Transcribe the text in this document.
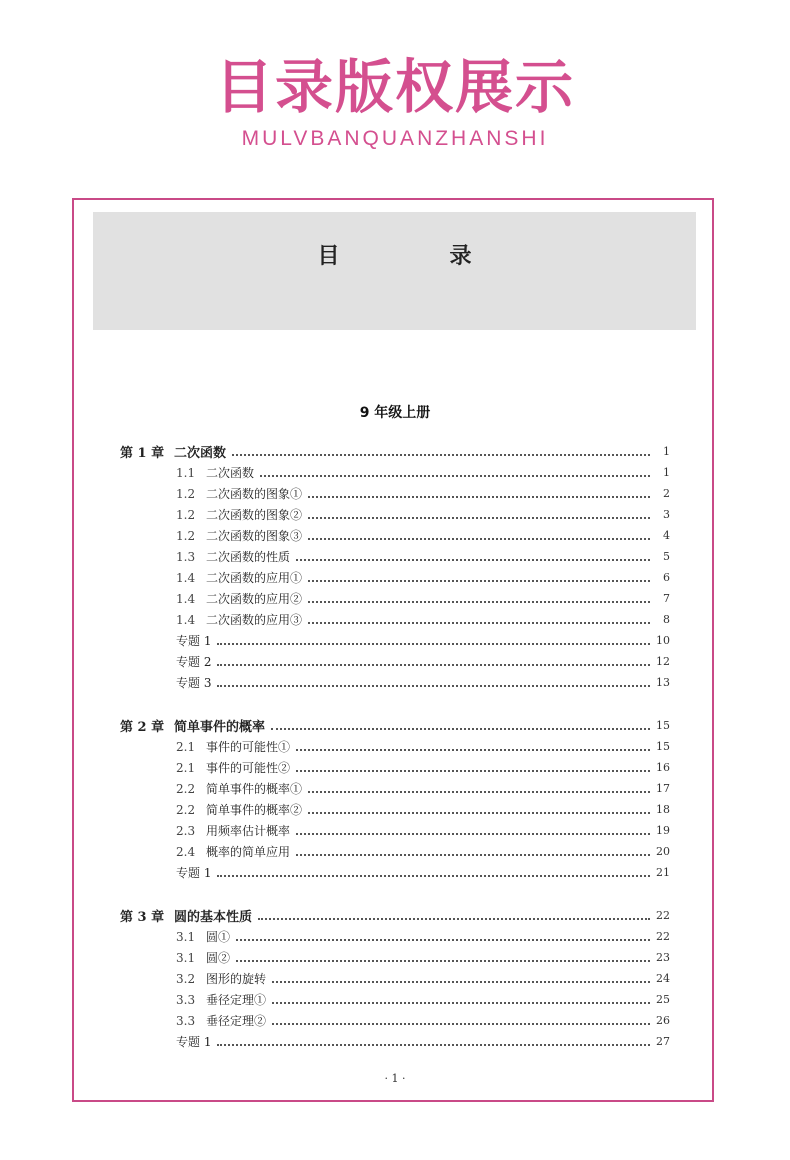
目录版权展示
MULVBANQUANZHANSHI
目　录
9 年级上册
第 1 章 二次函数	1
1.1 二次函数	1
1.2 二次函数的图象①	2
1.2 二次函数的图象②	3
1.2 二次函数的图象③	4
1.3 二次函数的性质	5
1.4 二次函数的应用①	6
1.4 二次函数的应用②	7
1.4 二次函数的应用③	8
专题 1	10
专题 2	12
专题 3	13
第 2 章 简单事件的概率	15
2.1 事件的可能性①	15
2.1 事件的可能性②	16
2.2 简单事件的概率①	17
2.2 简单事件的概率②	18
2.3 用频率估计概率	19
2.4 概率的简单应用	20
专题 1	21
第 3 章 圆的基本性质	22
3.1 圆①	22
3.1 圆②	23
3.2 图形的旋转	24
3.3 垂径定理①	25
3.3 垂径定理②	26
专题 1	27
· 1 ·
